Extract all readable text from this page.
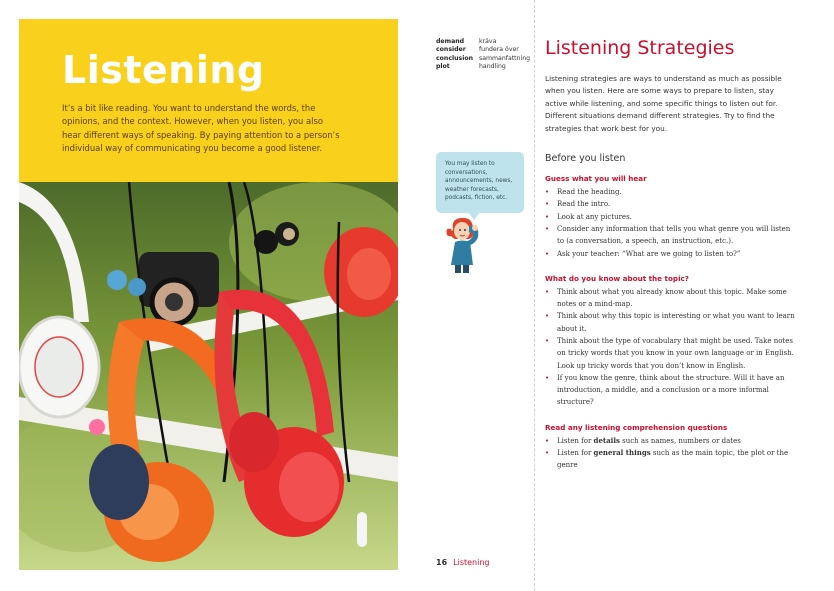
Listening

It’s a bit like reading. You want to understand the words, the opinions, and the context. However, when you listen, you also hear different ways of speaking. By paying attention to a person’s individual way of communicating you become a good listener.

demand	kräva
consider	fundera över
conclusion	sammanfattning
plot	handling
You may listen to conversations, announcements, news, weather forecasts, podcasts, fiction, etc.
16 Listening
Listening Strategies

Listening strategies are ways to understand as much as possible when you listen. Here are some ways to prepare to listen, stay active while listening, and some specific things to listen out for. Different situations demand different strategies. Try to find the strategies that work best for you.

Before you listen
Guess what you will hear
• Read the heading.
• Read the intro.
• Look at any pictures.
• Consider any information that tells you what genre you will listen to (a conversation, a speech, an instruction, etc.).
• Ask your teacher: “What are we going to listen to?”
What do you know about the topic?
• Think about what you already know about this topic. Make some notes or a mind-map.
• Think about why this topic is interesting or what you want to learn about it.
• Think about the type of vocabulary that might be used. Take notes on tricky words that you know in your own language or in English. Look up tricky words that you don’t know in English.
• If you know the genre, think about the structure. Will it have an introduction, a middle, and a conclusion or a more informal structure?
Read any listening comprehension questions
• Listen for details such as names, numbers or dates
• Listen for general things such as the main topic, the plot or the genre
